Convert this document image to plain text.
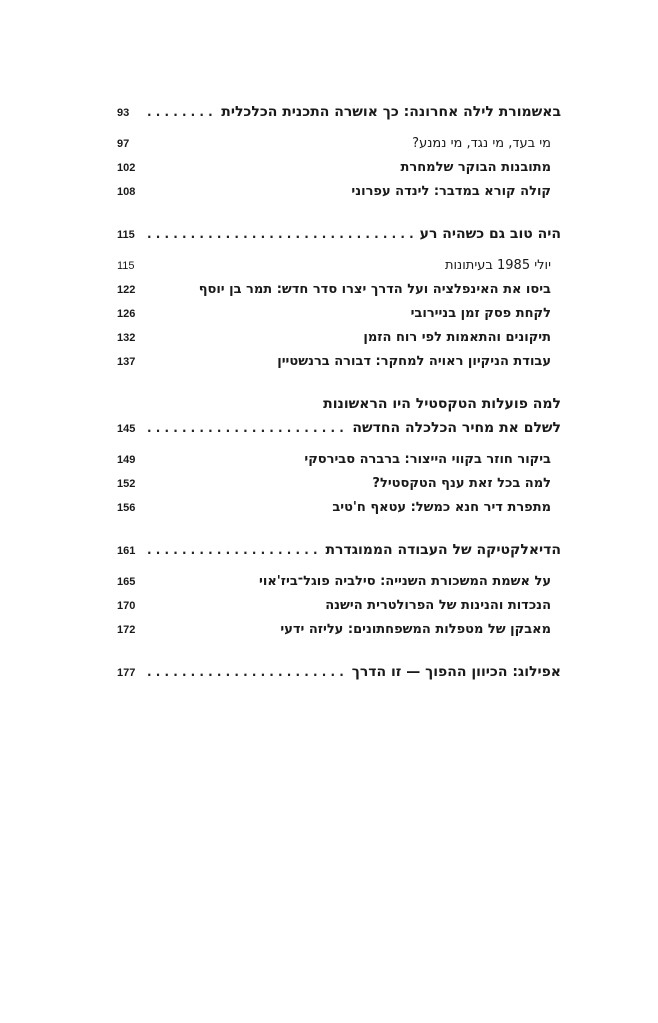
93 . . .	באשמורת לילה אחרונה: כך אושרה התכנית הכלכלית
97	מי בעד, מי נגד, מי נמנע?
102	מתובנות הבוקר שלמחרת
108	קולה קורא במדבר: לינדה עפרוני
115 . . .	היה טוב גם כשהיה רע
115	יולי 1985 בעיתונות
122	ביסו את האינפלציה ועל הדרך יצרו סדר חדש: תמר בן יוסף
126	לקחת פסק זמן בניירובי
132	תיקונים והתאמות לפי רוח הזמן
137	עבודת הניקיון ראויה למחקר: דבורה ברנשטיין
למה פועלות הטקסטיל היו הראשונות
145 . . .	לשלם את מחיר הכלכלה החדשה
149	ביקור חוזר בקווי הייצור: ברברה סבירסקי
152	למה בכל זאת ענף הטקסטיל?
156	מתפרת דיר חנא כמשל: עטאף ח'טיב
161 . . .	הדיאלקטיקה של העבודה הממוגדרת
165	על אשמת המשכורת השנייה: סילביה פוגל־ביז'אוי
170	הנכדות והנינות של הפרולטרית הישנה
172	מאבקן של מטפלות המשפחתונים: עליזה ידעי
177 . . .	אפילוג: הכיוון ההפוך — זו הדרך
